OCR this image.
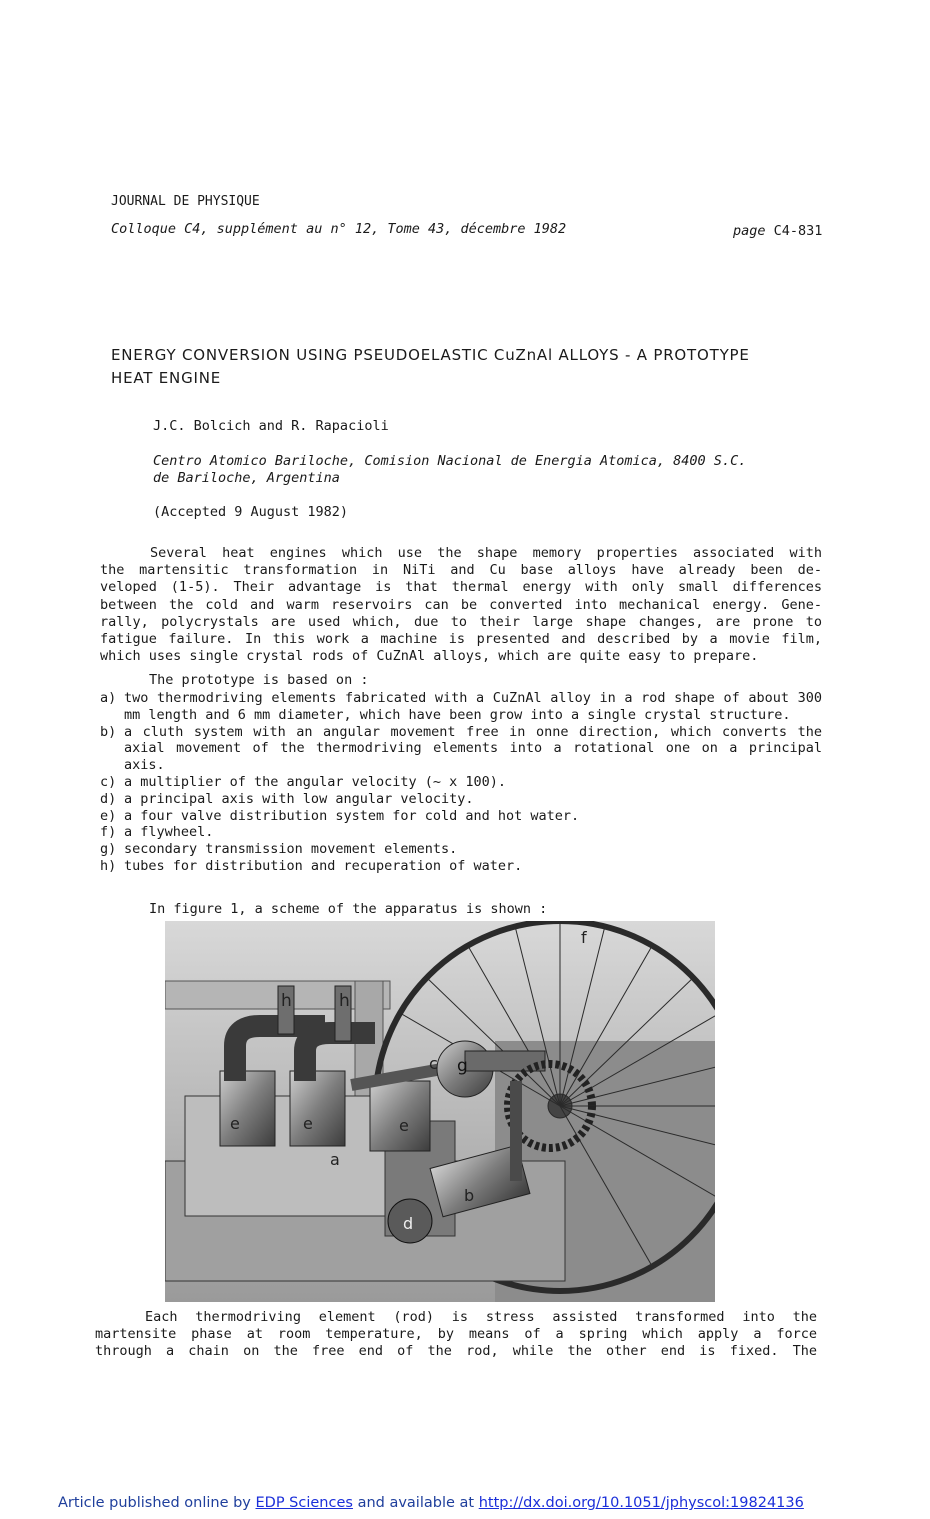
JOURNAL DE PHYSIQUE
Colloque C4, supplément au n° 12, Tome 43, décembre 1982	page C4-831
ENERGY CONVERSION USING PSEUDOELASTIC CuZnAl ALLOYS - A PROTOTYPE
HEAT ENGINE
J.C. Bolcich and R. Rapacioli
Centro Atomico Bariloche, Comision Nacional de Energia Atomica, 8400 S.C.
de Bariloche, Argentina
(Accepted 9 August 1982)
Several heat engines which use the shape memory properties associated with
the martensitic transformation in NiTi and Cu base alloys have already been de-
veloped (1-5). Their advantage is that thermal energy with only small differences
between the cold and warm reservoirs can be converted into mechanical energy. Gene-
rally, polycrystals are used which, due to their large shape changes, are prone to
fatigue failure. In this work a machine is presented and described by a movie film,
which uses single crystal rods of CuZnAl alloys, which are quite easy to prepare.
The prototype is based on :
a) two thermodriving elements fabricated with a CuZnAl alloy in a rod shape of about 300 mm length and 6 mm diameter, which have been grow into a single crystal structure.
b) a cluth system with an angular movement free in onne direction, which converts the axial movement of the thermodriving elements into a rotational one on a principal axis.
c) a multiplier of the angular velocity (~ x 100).
d) a principal axis with low angular velocity.
e) a four valve distribution system for cold and hot water.
f) a flywheel.
g) secondary transmission movement elements.
h) tubes for distribution and recuperation of water.
In figure 1, a scheme of the apparatus is shown :
f
h	h
c g
e	e	e
a
b
d
Each thermodriving element (rod) is stress assisted transformed into the
martensite phase at room temperature, by means of a spring which apply a force
through a chain on the free end of the rod, while the other end is fixed. The
Article published online by EDP Sciences and available at http://dx.doi.org/10.1051/jphyscol:19824136
